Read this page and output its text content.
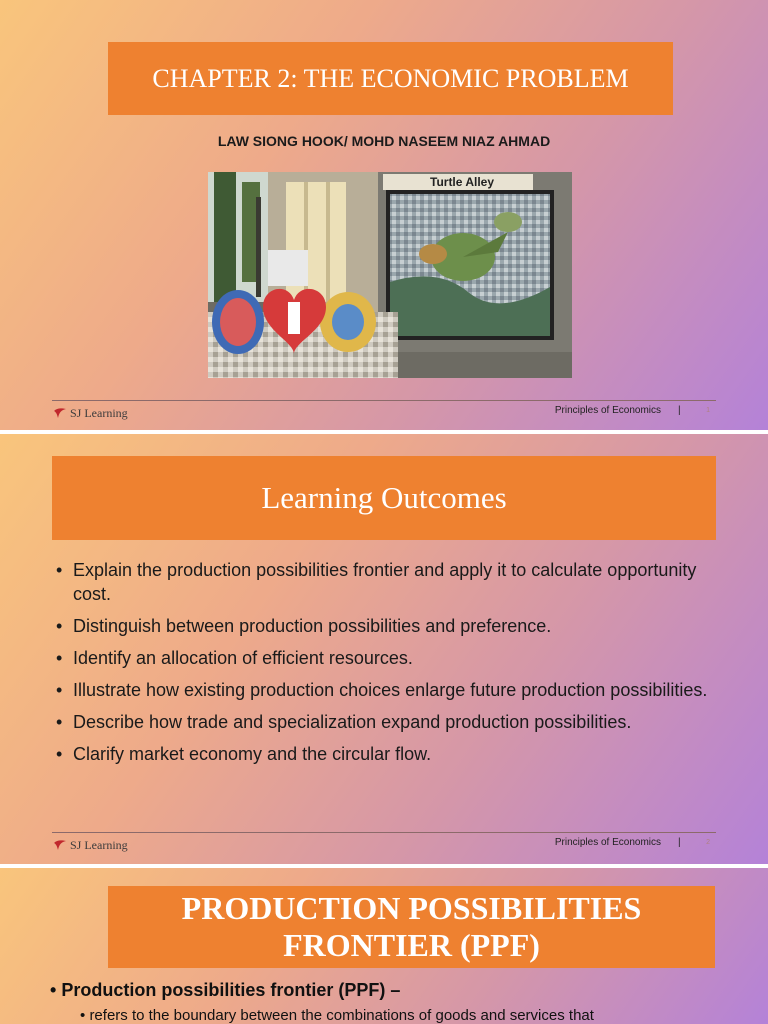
CHAPTER 2: THE ECONOMIC PROBLEM
LAW SIONG HOOK/ MOHD NASEEM NIAZ AHMAD
Turtle Alley
I
SJ Learning	Principles of Economics |	1
Learning Outcomes
• Explain the production possibilities frontier and apply it to calculate opportunity cost.
• Distinguish between production possibilities and preference.
• Identify an allocation of efficient resources.
• Illustrate how existing production choices enlarge future production possibilities.
• Describe how trade and specialization expand production possibilities.
• Clarify market economy and the circular flow.
SJ Learning	Principles of Economics |	2
PRODUCTION POSSIBILITIES FRONTIER (PPF)
• Production possibilities frontier (PPF) –
• refers to the boundary between the combinations of goods and services that
